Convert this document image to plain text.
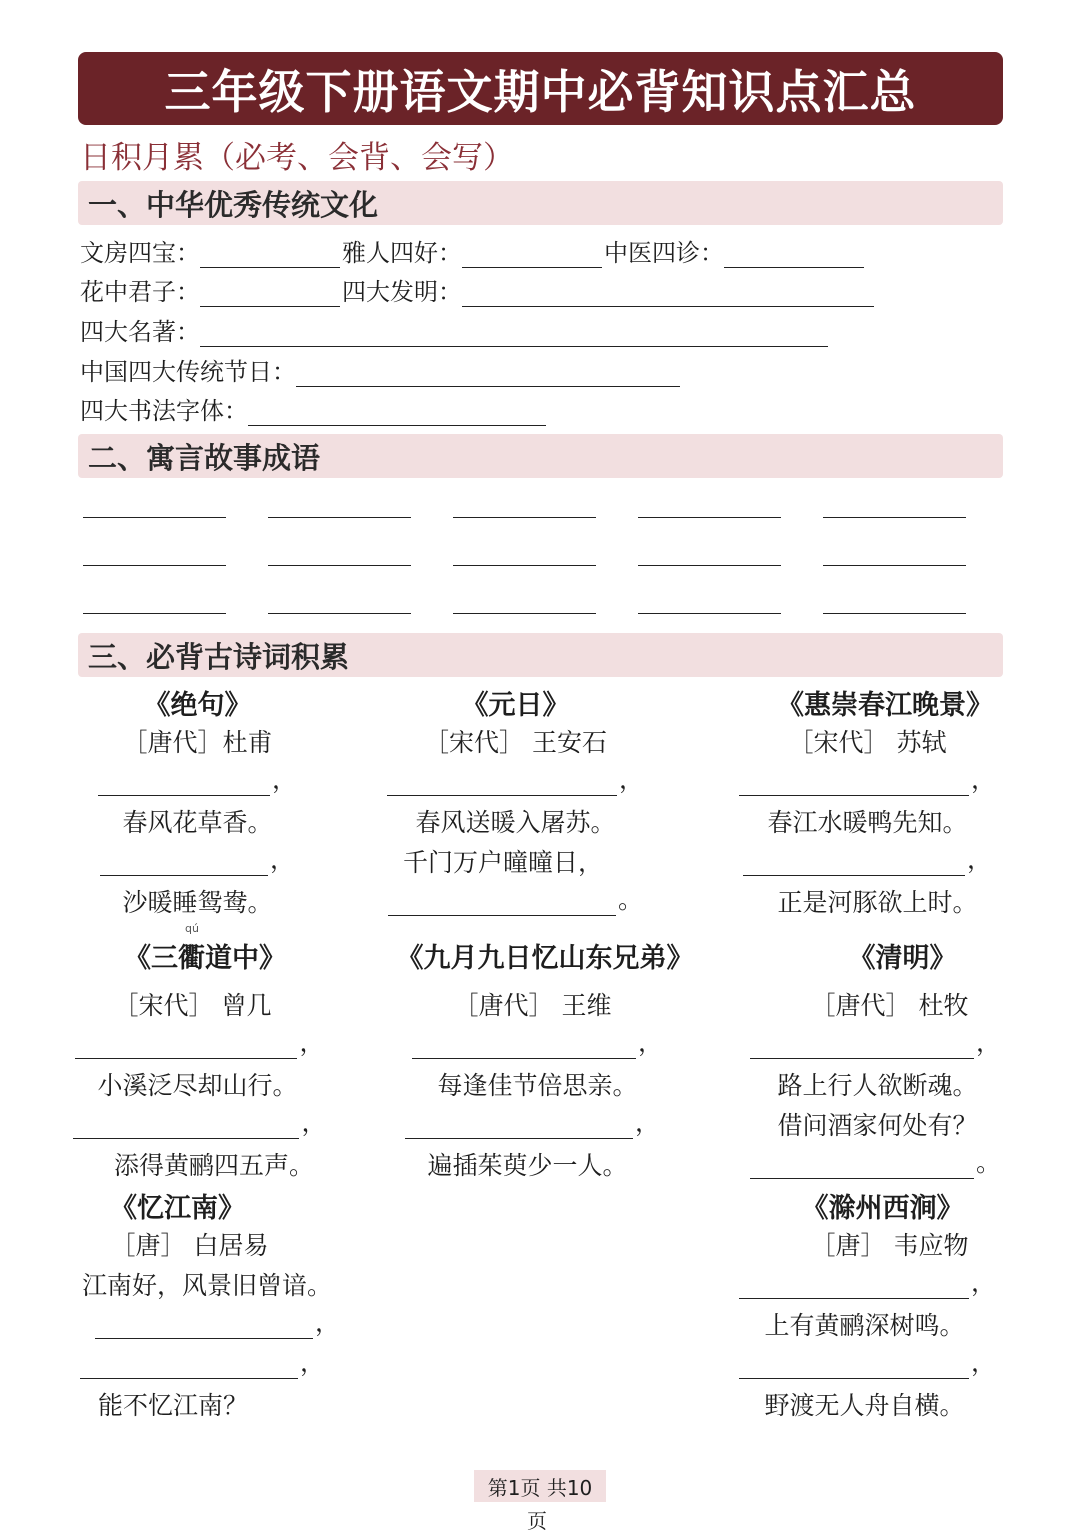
三年级下册语文期中必背知识点汇总
日积月累（必考、会背、会写）
一、中华优秀传统文化
文房四宝：	雅人四好：	中医四诊：
花中君子：	四大发明：
四大名著：
中国四大传统节日：
四大书法字体：
二、寓言故事成语
三、必背古诗词积累
《绝句》
［唐代］杜甫
，
春风花草香。
，
沙暖睡鸳鸯。
《元日》
［宋代］ 王安石
，
春风送暖入屠苏。
千门万户曈曈日，
。
《惠崇春江晚景》
［宋代］ 苏轼
，
春江水暖鸭先知。
，
正是河豚欲上时。
qú
《三衢道中》
［宋代］ 曾几
，
小溪泛尽却山行。
，
添得黄鹂四五声。
《九月九日忆山东兄弟》
［唐代］ 王维
，
每逢佳节倍思亲。
，
遍插茱萸少一人。
《清明》
［唐代］ 杜牧
，
路上行人欲断魂。
借问酒家何处有？
。
《忆江南》
［唐］ 白居易
江南好，风景旧曾谙。
，
，
能不忆江南？
《滁州西涧》
［唐］ 韦应物
，
上有黄鹂深树鸣。
，
野渡无人舟自横。
第1页 共10
页
